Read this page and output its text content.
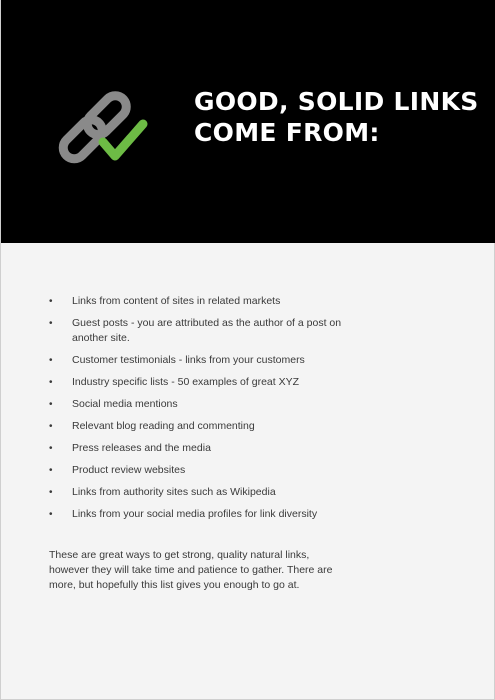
GOOD, SOLID LINKS
COME FROM:
• Links from content of sites in related markets
• Guest posts - you are attributed as the author of a post on another site.
• Customer testimonials - links from your customers
• Industry specific lists - 50 examples of great XYZ
• Social media mentions
• Relevant blog reading and commenting
• Press releases and the media
• Product review websites
• Links from authority sites such as Wikipedia
• Links from your social media profiles for link diversity

These are great ways to get strong, quality natural links, however they will take time and patience to gather. There are more, but hopefully this list gives you enough to go at.
